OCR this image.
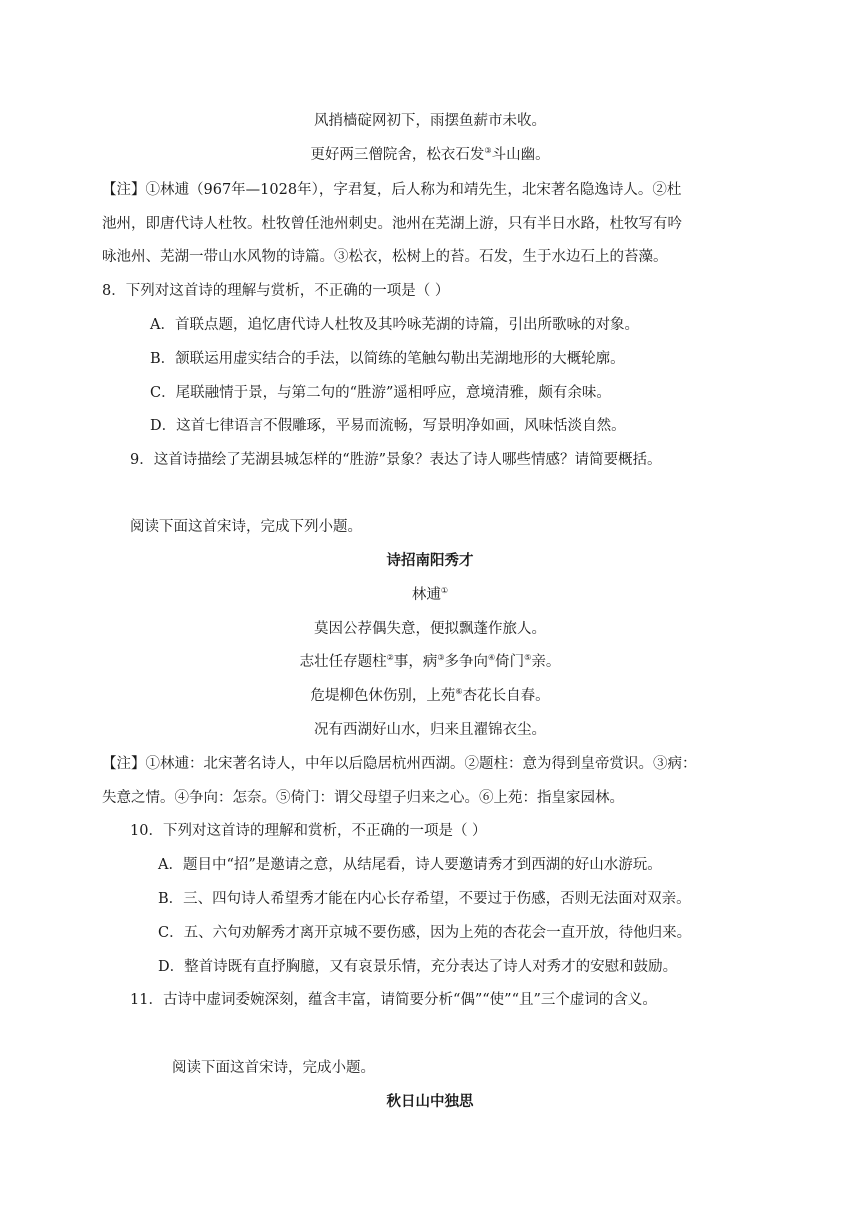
风捎樯碇网初下，雨摆鱼薪市未收。
更好两三僧院舍，松衣石发③斗山幽。
【注】①林逋（967年—1028年），字君复，后人称为和靖先生，北宋著名隐逸诗人。②杜
池州，即唐代诗人杜牧。杜牧曾任池州刺史。池州在芜湖上游，只有半日水路，杜牧写有吟
咏池州、芜湖一带山水风物的诗篇。③松衣，松树上的苔。石发，生于水边石上的苔藻。
8．下列对这首诗的理解与赏析，不正确的一项是（ ）
A．首联点题，追忆唐代诗人杜牧及其吟咏芜湖的诗篇，引出所歌咏的对象。
B．颔联运用虚实结合的手法，以简练的笔触勾勒出芜湖地形的大概轮廓。
C．尾联融情于景，与第二句的“胜游”遥相呼应，意境清雅，颇有余味。
D．这首七律语言不假雕琢，平易而流畅，写景明净如画，风味恬淡自然。
9．这首诗描绘了芜湖县城怎样的“胜游”景象？表达了诗人哪些情感？请简要概括。
阅读下面这首宋诗，完成下列小题。
诗招南阳秀才
林逋①
莫因公荐偶失意，便拟飘蓬作旅人。
志壮任存题柱②事，病③多争向④倚门⑤亲。
危堤柳色休伤别，上苑⑥杏花长自春。
况有西湖好山水，归来且濯锦衣尘。
【注】①林逋：北宋著名诗人，中年以后隐居杭州西湖。②题柱：意为得到皇帝赏识。③病：
失意之情。④争向：怎奈。⑤倚门：谓父母望子归来之心。⑥上苑：指皇家园林。
10．下列对这首诗的理解和赏析，不正确的一项是（ ）
A．题目中“招”是邀请之意，从结尾看，诗人要邀请秀才到西湖的好山水游玩。
B．三、四句诗人希望秀才能在内心长存希望，不要过于伤感，否则无法面对双亲。
C．五、六句劝解秀才离开京城不要伤感，因为上苑的杏花会一直开放，待他归来。
D．整首诗既有直抒胸臆，又有哀景乐情，充分表达了诗人对秀才的安慰和鼓励。
11．古诗中虚词委婉深刻，蕴含丰富，请简要分析“偶”“使”“且”三个虚词的含义。
阅读下面这首宋诗，完成小题。
秋日山中独思
